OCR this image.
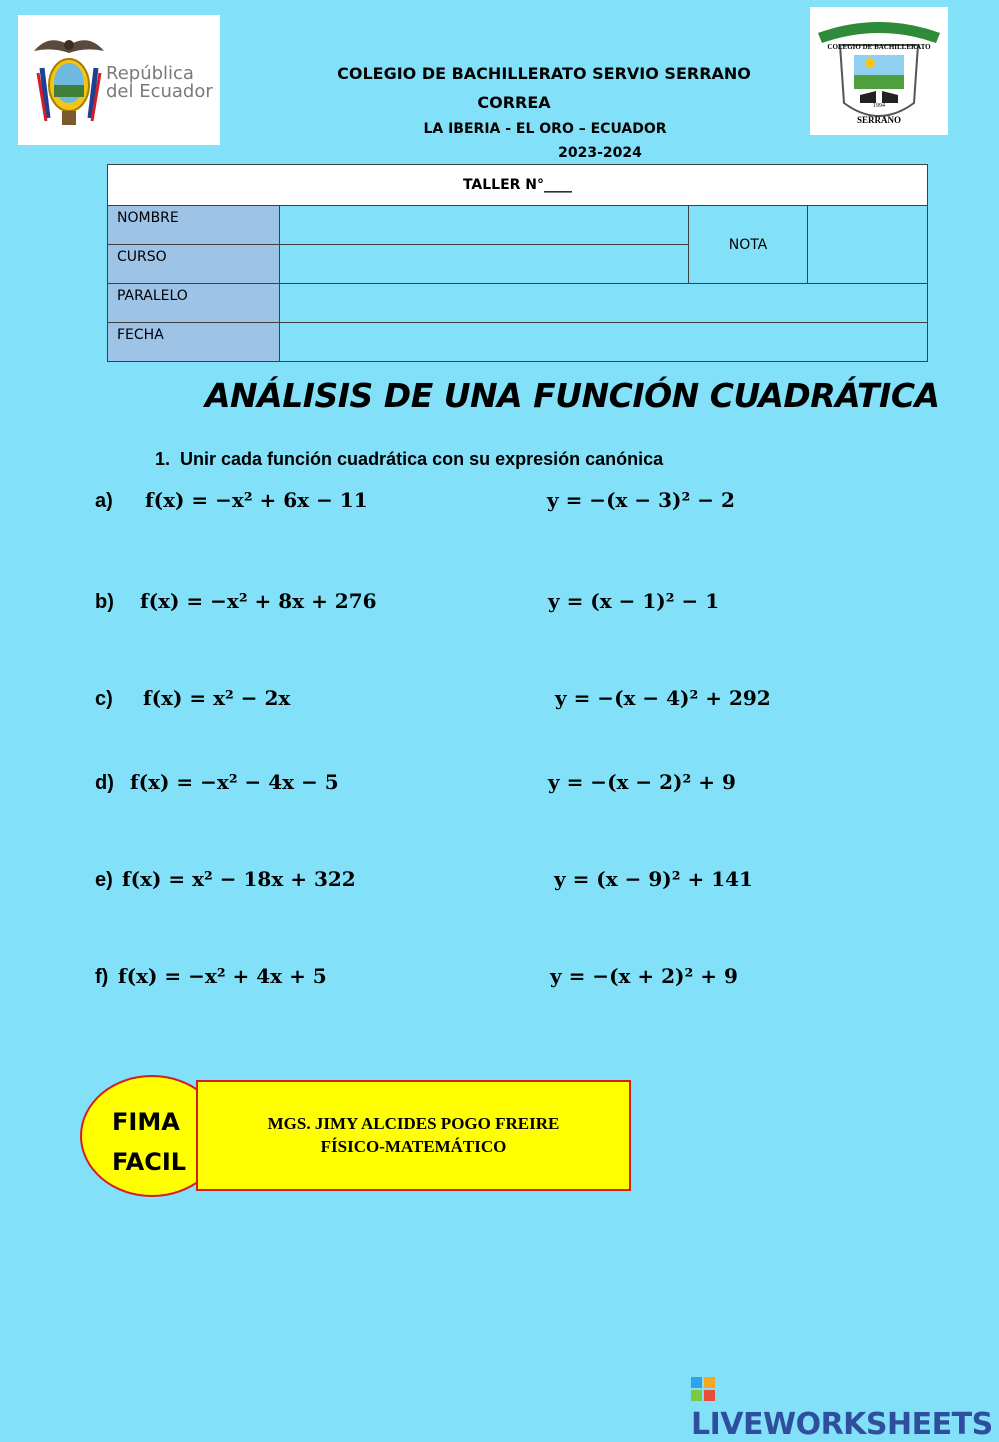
República
del Ecuador
COLEGIO DE BACHILLERATO
1994
SERRANO
COLEGIO DE BACHILLERATO SERVIO SERRANO
CORREA
LA IBERIA - EL ORO – ECUADOR
2023-2024
TALLER N°____			
NOMBRE		NOTA	
CURSO			
PARALELO			
FECHA			
ANÁLISIS DE UNA FUNCIÓN CUADRÁTICA
1. Unir cada función cuadrática con su expresión canónica
a) f(x) = −x² + 6x − 11	y = −(x − 3)² − 2
b) f(x) = −x² + 8x + 276	y = (x − 1)² − 1
c) f(x) = x² − 2x	y = −(x − 4)² + 292
d) f(x) = −x² − 4x − 5	y = −(x − 2)² + 9
e) f(x) = x² − 18x + 322	y = (x − 9)² + 141
f) f(x) = −x² + 4x + 5	y = −(x + 2)² + 9
MGS. JIMY ALCIDES POGO FREIRE
FÍSICO-MATEMÁTICO
FIMA
FACIL
LIVEWORKSHEETS
